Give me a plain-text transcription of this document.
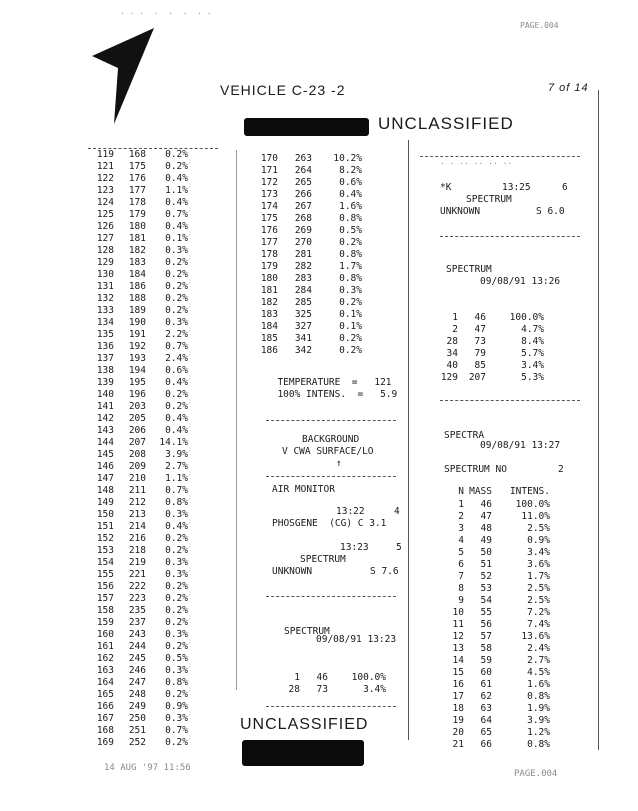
· · ·  ·  ·  ·  · ·
PAGE.004
VEHICLE C-23 -2	7 of 14
UNCLASSIFIED
119	168	0.2%
121	175	0.2%
122	176	0.4%
123	177	1.1%
124	178	0.4%
125	179	0.7%
126	180	0.4%
127	181	0.1%
128	182	0.3%
129	183	0.2%
130	184	0.2%
131	186	0.2%
132	188	0.2%
133	189	0.2%
134	190	0.3%
135	191	2.2%
136	192	0.7%
137	193	2.4%
138	194	0.6%
139	195	0.4%
140	196	0.2%
141	203	0.2%
142	205	0.4%
143	206	0.4%
144	207	14.1%
145	208	3.9%
146	209	2.7%
147	210	1.1%
148	211	0.7%
149	212	0.8%
150	213	0.3%
151	214	0.4%
152	216	0.2%
153	218	0.2%
154	219	0.3%
155	221	0.3%
156	222	0.2%
157	223	0.2%
158	235	0.2%
159	237	0.2%
160	243	0.3%
161	244	0.2%
162	245	0.5%
163	246	0.3%
164	247	0.8%
165	248	0.2%
166	249	0.9%
167	250	0.3%
168	251	0.7%
169	252	0.2%
170	263	10.2%
171	264	8.2%
172	265	0.6%
173	266	0.4%
174	267	1.6%
175	268	0.8%
176	269	0.5%
177	270	0.2%
178	281	0.8%
179	282	1.7%
180	283	0.8%
181	284	0.3%
182	285	0.2%
183	325	0.1%
184	327	0.1%
185	341	0.2%
186	342	0.2%

TEMPERATURE  = 121

100% INTENS.  = 5.9

BACKGROUND
V CWA SURFACE/LO
↑
AIR MONITOR
13:22	4
PHOSGENE  (CG) C 3.1
13:23	5
SPECTRUM
UNKNOWN	S 7.6
SPECTRUM
09/08/91 13:23
1	46	100.0%
28	73	3.4%
UNCLASSIFIED
· · ·· ·· ·· ··
*K	13:25	6
SPECTRUM
UNKNOWN	S 6.0
SPECTRUM
09/08/91 13:26
1	46	100.0%
2	47	4.7%
28	73	8.4%
34	79	5.7%
40	85	3.4%
129	207	5.3%
SPECTRA
09/08/91 13:27
SPECTRUM NO	2
N MASS	INTENS.
1	46	100.0%
2	47	11.0%
3	48	2.5%
4	49	0.9%
5	50	3.4%
6	51	3.6%
7	52	1.7%
8	53	2.5%
9	54	2.5%
10	55	7.2%
11	56	7.4%
12	57	13.6%
13	58	2.4%
14	59	2.7%
15	60	4.5%
16	61	1.6%
17	62	0.8%
18	63	1.9%
19	64	3.9%
20	65	1.2%
21	66	0.8%
14 AUG '97 11:56
PAGE.004
